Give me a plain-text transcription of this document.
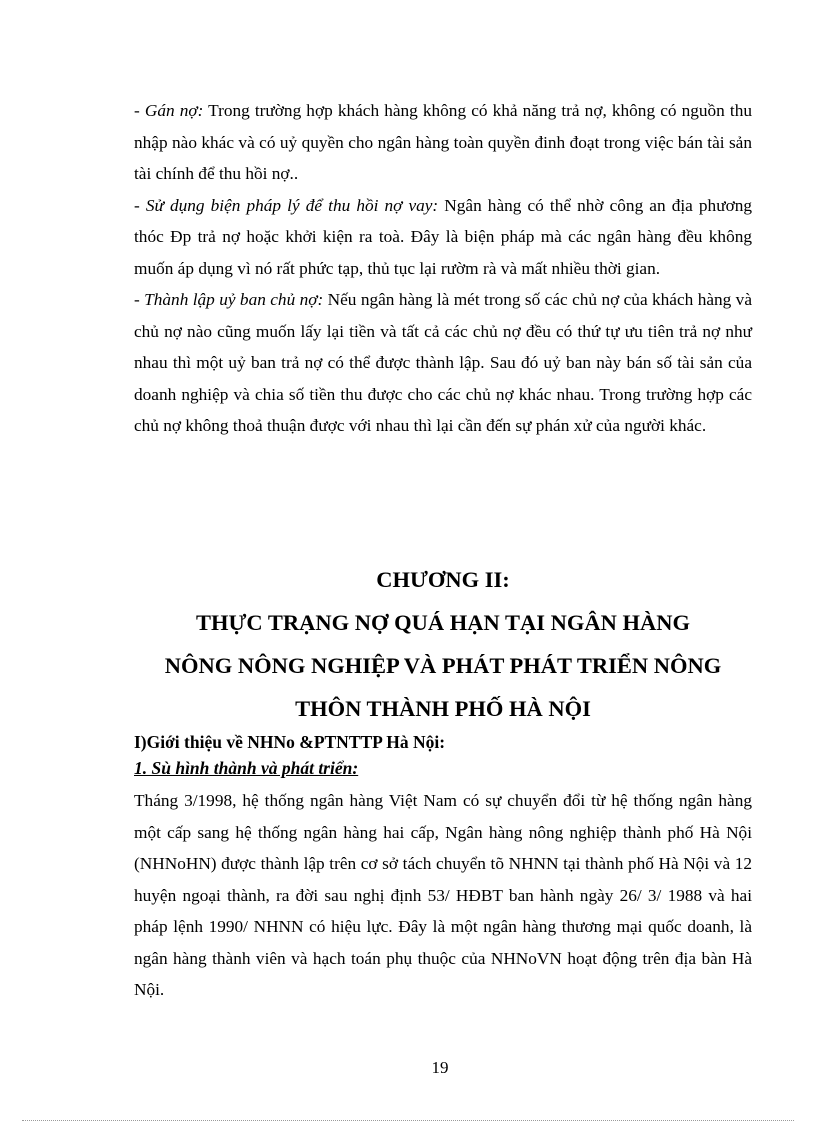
- Gán nợ: Trong trường hợp khách hàng không có khả năng trả nợ, không có nguồn thu nhập nào khác và có uỷ quyền cho ngân hàng toàn quyền đinh đoạt trong việc bán tài sản tài chính để thu hồi nợ..

- Sử dụng biện pháp lý để thu hồi nợ vay: Ngân hàng có thể nhờ công an địa phương thóc Đp trả nợ hoặc khởi kiện ra toà. Đây là biện pháp mà các ngân hàng đều không muốn áp dụng vì nó rất phức tạp, thủ tục lại rườm rà và mất nhiều thời gian.

- Thành lập uỷ ban chủ nợ: Nếu ngân hàng là mét trong số các chủ nợ của khách hàng và chủ nợ nào cũng muốn lấy lại tiền và tất cả các chủ nợ đều có thứ tự ưu tiên trả nợ như nhau thì một uỷ ban trả nợ có thể được thành lập. Sau đó uỷ ban này bán số tài sản của doanh nghiệp và chia số tiền thu được cho các chủ nợ khác nhau. Trong trường hợp các chủ nợ không thoả thuận được với nhau thì lại cần đến sự phán xử của người khác.

CHƯƠNG II:
THỰC TRẠNG NỢ QUÁ HẠN TẠI NGÂN HÀNG
NÔNG NÔNG NGHIỆP VÀ PHÁT PHÁT TRIỂN NÔNG
THÔN THÀNH PHỐ HÀ NỘI
I)Giới thiệu về NHNo &PTNTTP Hà Nội:
1. Sù hình thành và phát triển:

Tháng 3/1998, hệ thống ngân hàng Việt Nam có sự chuyển đổi từ hệ thống ngân hàng một cấp sang hệ thống ngân hàng hai cấp, Ngân hàng nông nghiệp thành phố Hà Nội (NHNoHN) được thành lập trên cơ sở tách chuyển tõ NHNN tại thành phố Hà Nội và 12 huyện ngoại thành, ra đời sau nghị định 53/ HĐBT ban hành ngày 26/ 3/ 1988 và hai pháp lệnh 1990/ NHNN có hiệu lực. Đây là một ngân hàng thương mại quốc doanh, là ngân hàng thành viên và hạch toán phụ thuộc của NHNoVN hoạt động trên địa bàn Hà Nội.

19
